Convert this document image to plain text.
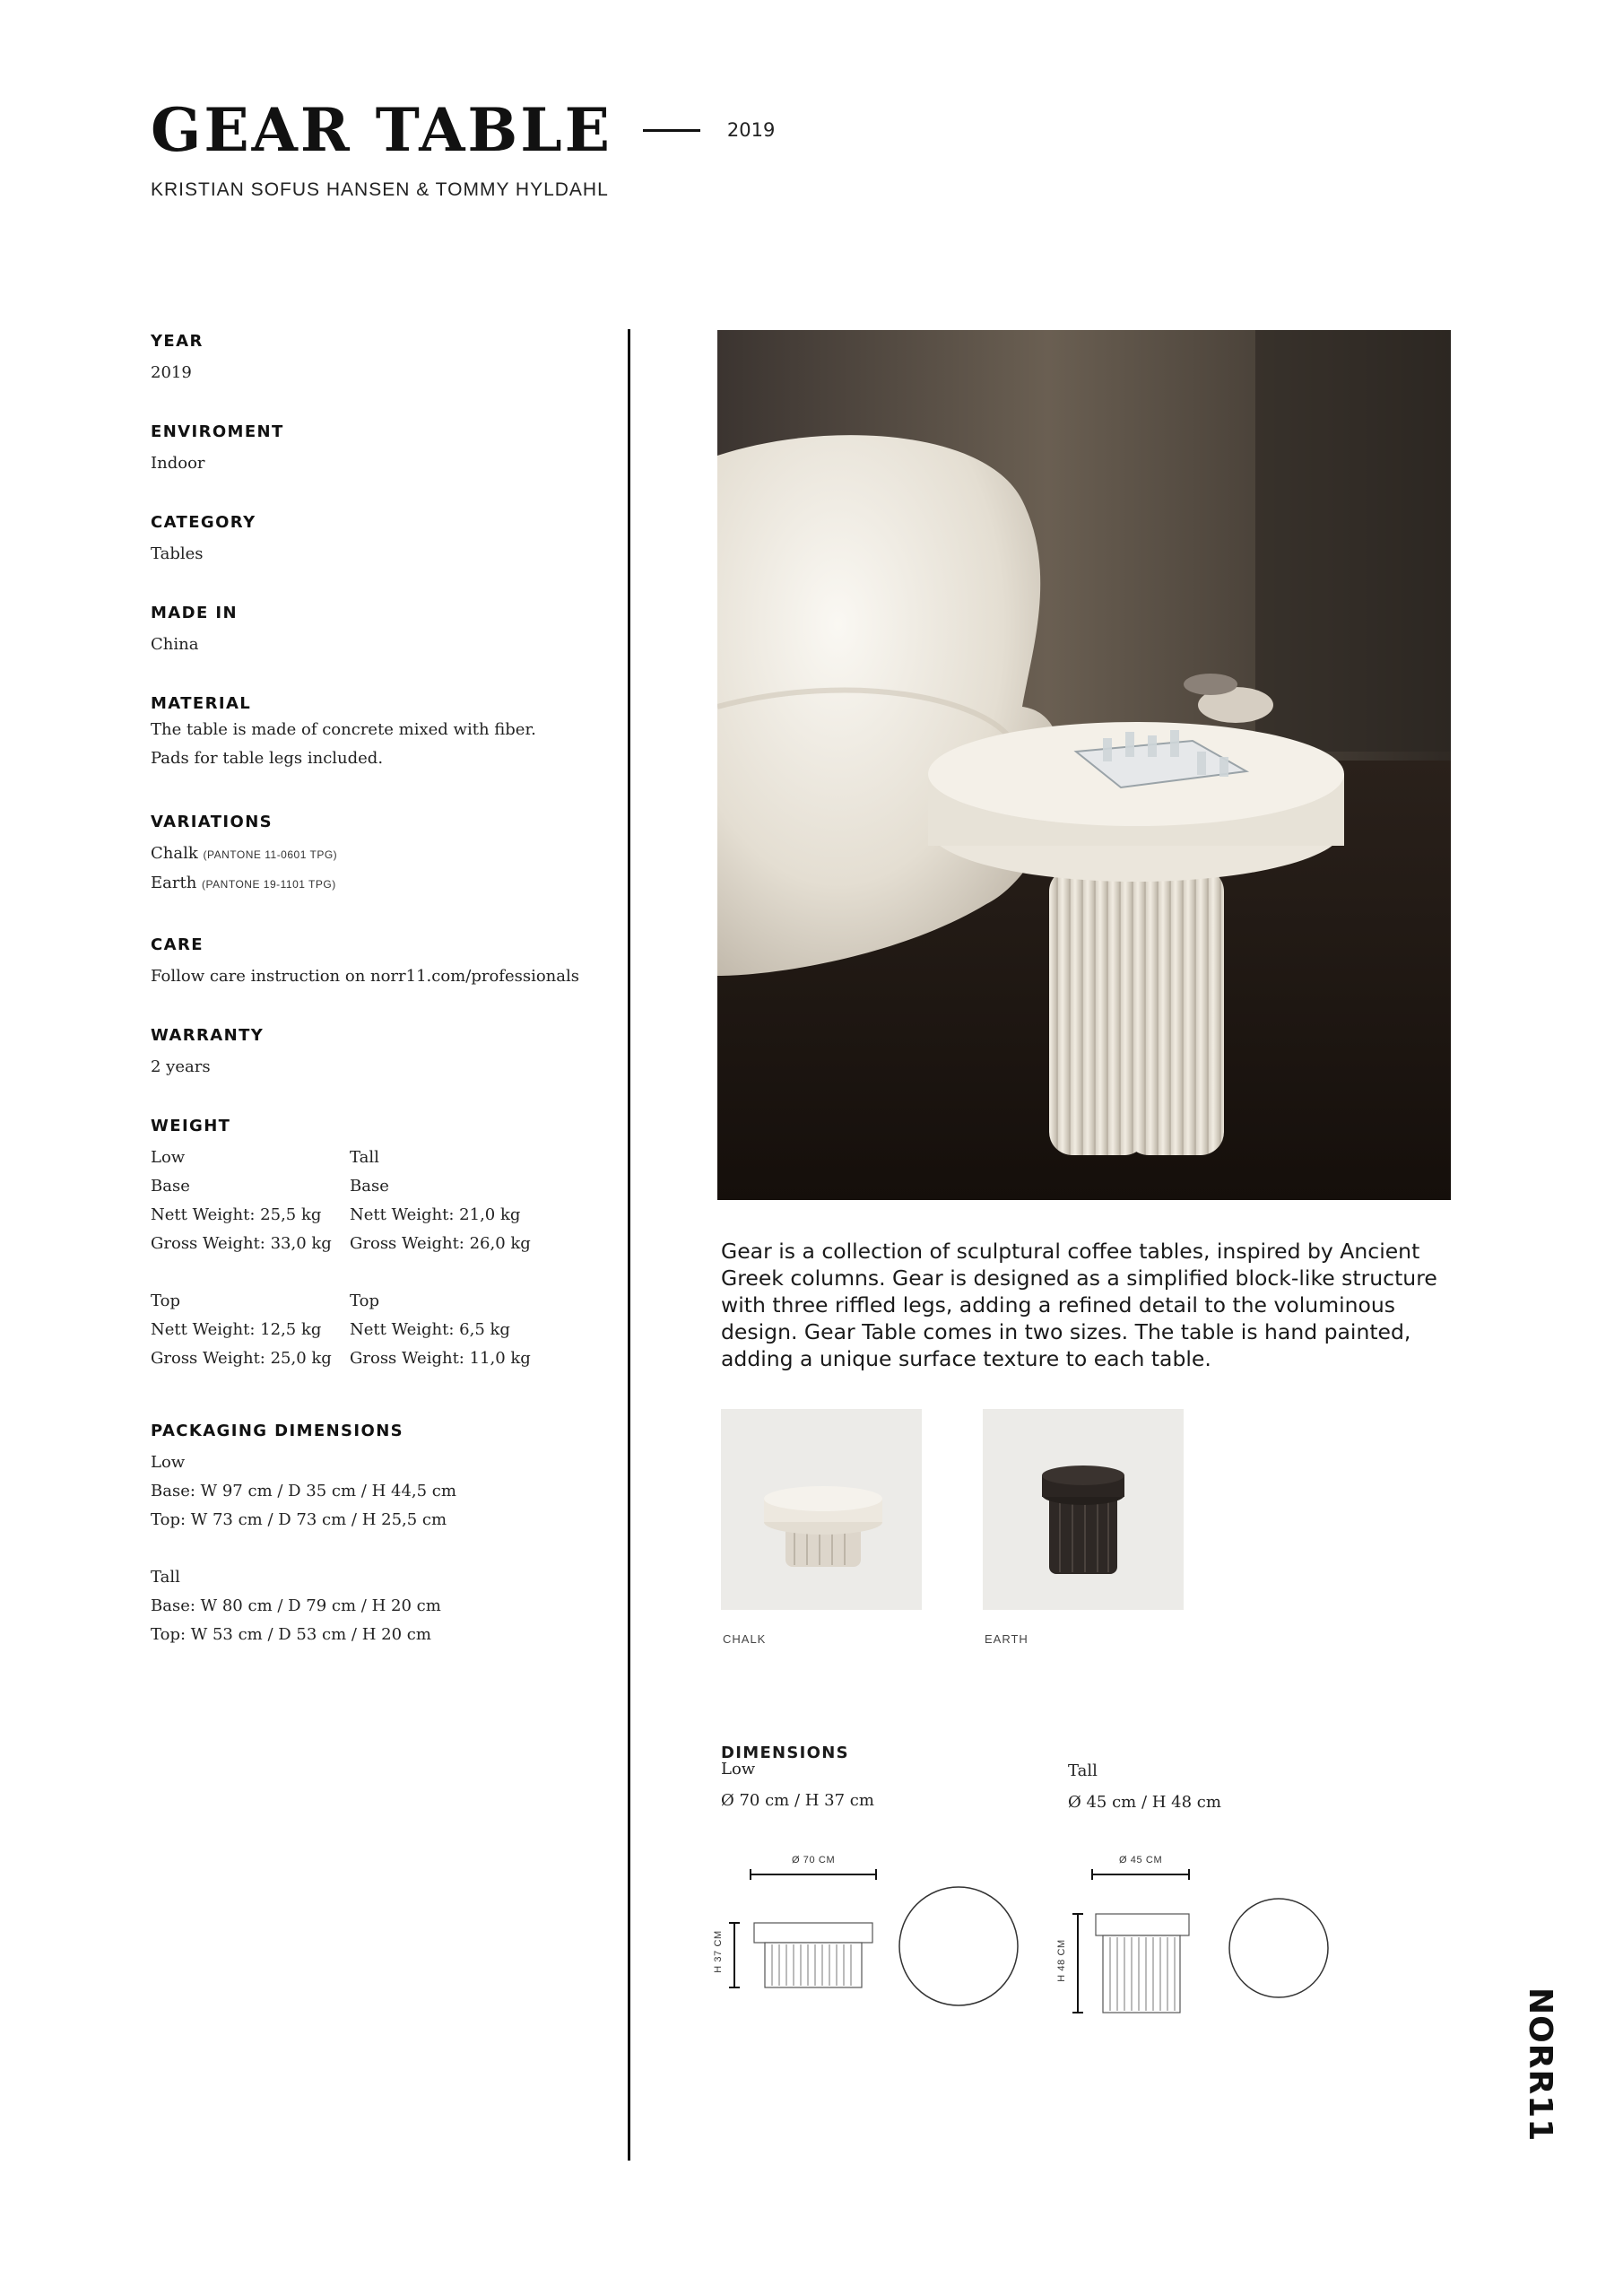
GEAR TABLE	2019
KRISTIAN SOFUS HANSEN & TOMMY HYLDAHL
YEAR
2019
ENVIROMENT
Indoor
CATEGORY
Tables
MADE IN
China
MATERIAL
The table is made of concrete mixed with fiber.
Pads for table legs included.
VARIATIONS
Chalk (PANTONE 11-0601 TPG)
Earth (PANTONE 19-1101 TPG)
CARE
Follow care instruction on norr11.com/professionals
WARRANTY
2 years
WEIGHT
Low	Tall
Base	Base
Nett Weight: 25,5 kg	Nett Weight: 21,0 kg
Gross Weight: 33,0 kg	Gross Weight: 26,0 kg
Top	Top
Nett Weight: 12,5 kg	Nett Weight: 6,5 kg
Gross Weight: 25,0 kg	Gross Weight: 11,0 kg
PACKAGING DIMENSIONS
Low
Base: W 97 cm / D 35 cm / H 44,5 cm
Top: W 73 cm / D 73 cm / H 25,5 cm
Tall
Base: W 80 cm / D 79 cm / H 20 cm
Top: W 53 cm / D 53 cm / H 20 cm
Gear is a collection of sculptural coffee tables, inspired by Ancient Greek columns. Gear is designed as a simplified block-like structure with three riffled legs, adding a refined detail to the voluminous design. Gear Table comes in two sizes. The table is hand painted, adding a unique surface texture to each table.
CHALK	EARTH
DIMENSIONS
Low
Ø 70 cm / H 37 cm
Tall
Ø 45 cm / H 48 cm
Ø 70 CM
H 37 CM
Ø 45 CM
H 48 CM
NORR11
